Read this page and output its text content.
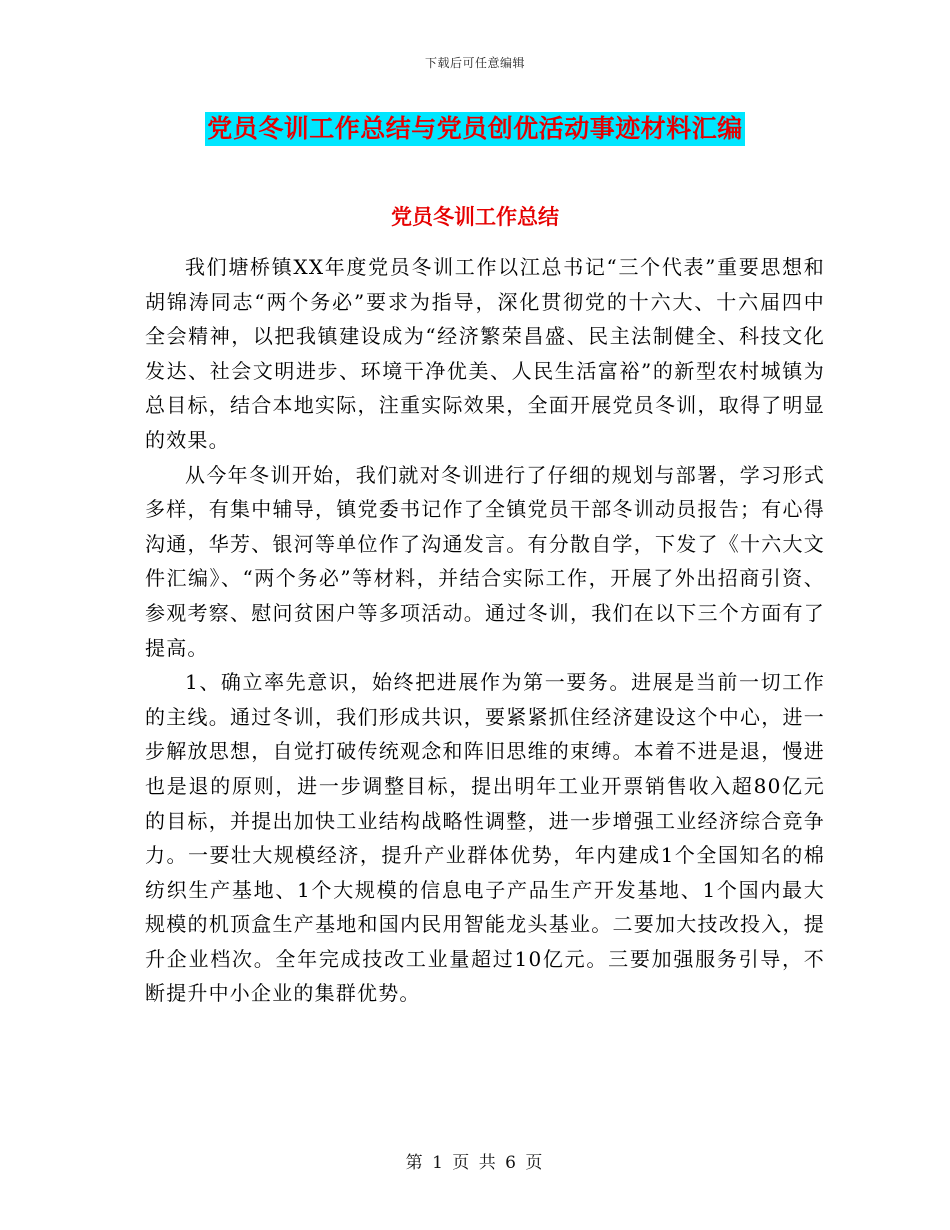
下载后可任意编辑
党员冬训工作总结与党员创优活动事迹材料汇编
党员冬训工作总结

我们塘桥镇XX年度党员冬训工作以江总书记“三个代表”重要思想和胡锦涛同志“两个务必”要求为指导，深化贯彻党的十六大、十六届四中全会精神，以把我镇建设成为“经济繁荣昌盛、民主法制健全、科技文化发达、社会文明进步、环境干净优美、人民生活富裕”的新型农村城镇为总目标，结合本地实际，注重实际效果，全面开展党员冬训，取得了明显的效果。

从今年冬训开始，我们就对冬训进行了仔细的规划与部署，学习形式多样，有集中辅导，镇党委书记作了全镇党员干部冬训动员报告；有心得沟通，华芳、银河等单位作了沟通发言。有分散自学，下发了《十六大文件汇编》、“两个务必”等材料，并结合实际工作，开展了外出招商引资、参观考察、慰问贫困户等多项活动。通过冬训，我们在以下三个方面有了提高。

1、确立率先意识，始终把进展作为第一要务。进展是当前一切工作的主线。通过冬训，我们形成共识，要紧紧抓住经济建设这个中心，进一步解放思想，自觉打破传统观念和阵旧思维的束缚。本着不进是退，慢进也是退的原则，进一步调整目标，提出明年工业开票销售收入超80亿元的目标，并提出加快工业结构战略性调整，进一步增强工业经济综合竞争力。一要壮大规模经济，提升产业群体优势，年内建成1个全国知名的棉纺织生产基地、1个大规模的信息电子产品生产开发基地、1个国内最大规模的机顶盒生产基地和国内民用智能龙头基业。二要加大技改投入，提升企业档次。全年完成技改工业量超过10亿元。三要加强服务引导，不断提升中小企业的集群优势。

第 1 页 共 6 页
